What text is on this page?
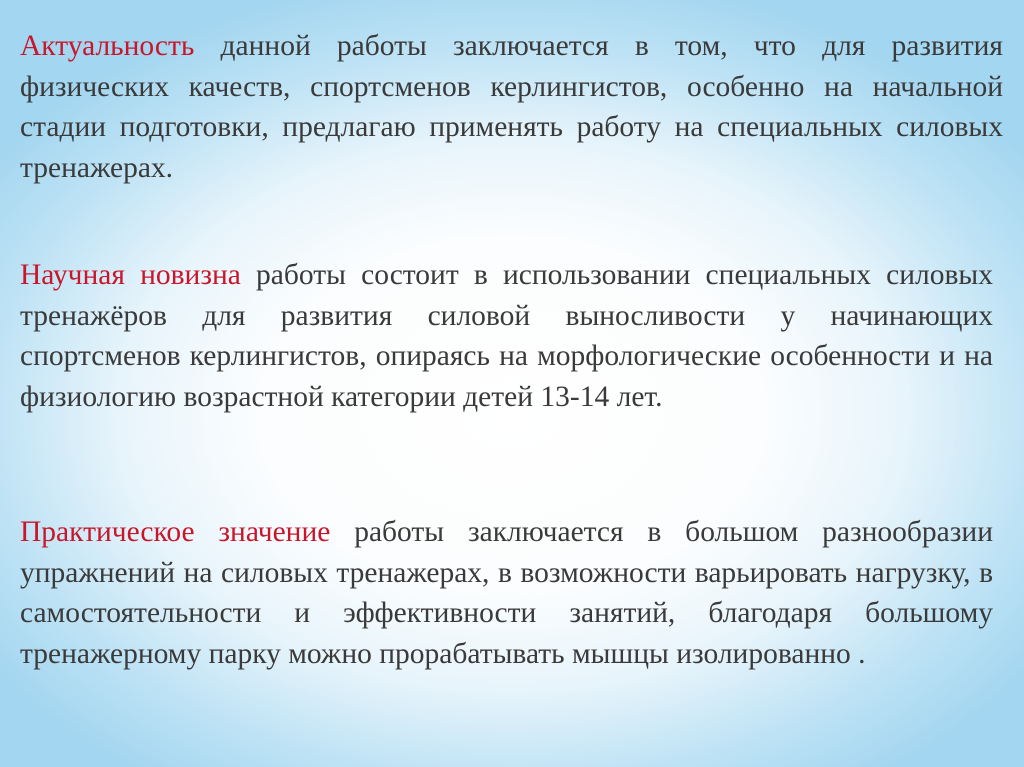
Актуальность данной работы заключается в том, что для развития физических качеств, спортсменов керлингистов, особенно на начальной стадии подготовки, предлагаю применять работу на специальных силовых тренажерах.

Научная новизна работы состоит в использовании специальных силовых тренажёров для развития силовой выносливости у начинающих спортсменов керлингистов, опираясь на морфологические особенности и на физиологию возрастной категории детей 13-14 лет.

Практическое значение работы заключается в большом разнообразии упражнений на силовых тренажерах, в возможности варьировать нагрузку, в самостоятельности и эффективности занятий, благодаря большому тренажерному парку можно прорабатывать мышцы изолированно .
